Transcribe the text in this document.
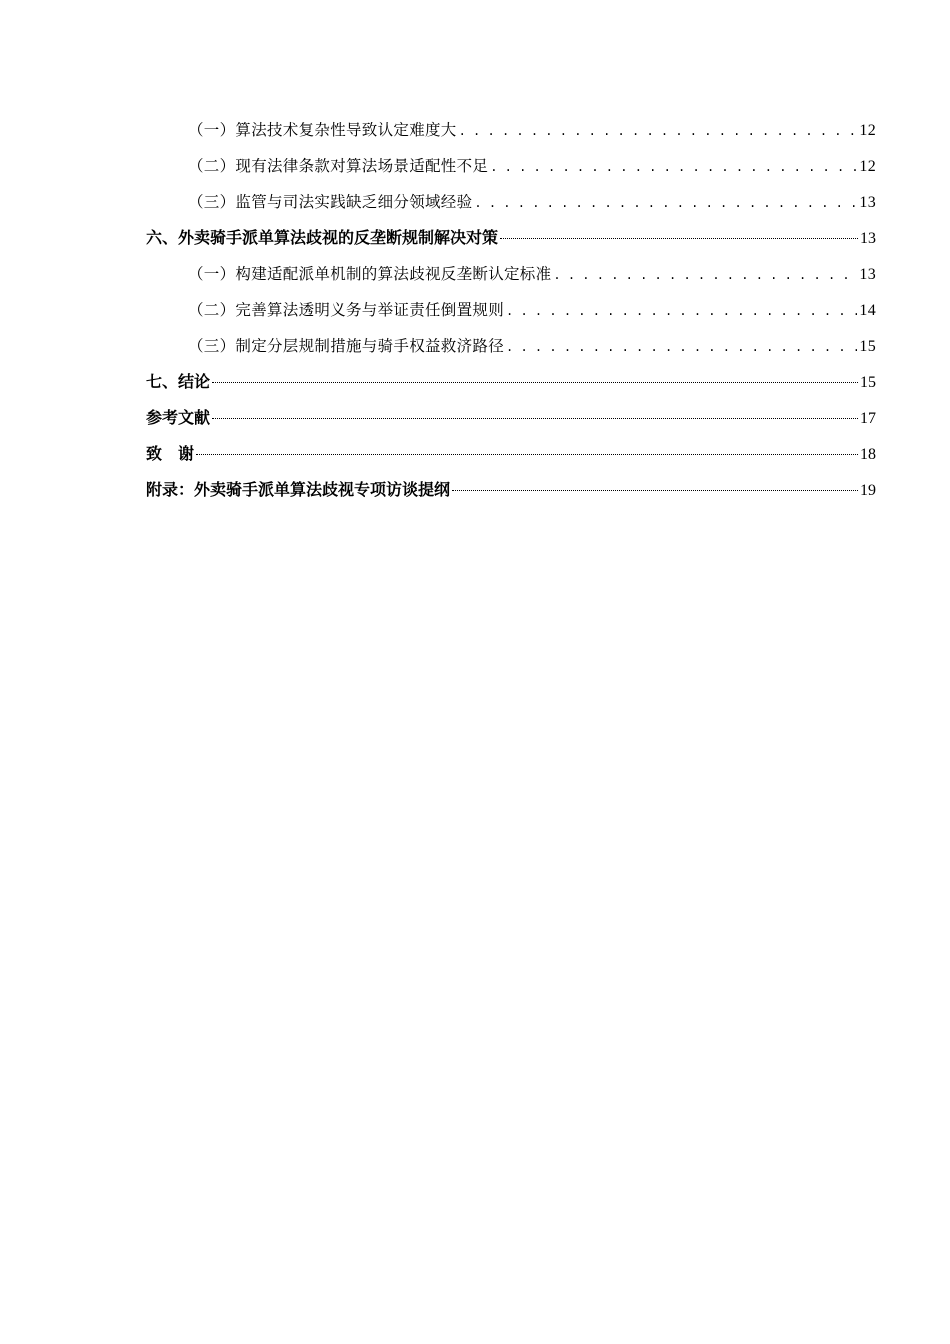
（一）算法技术复杂性导致认定难度大 . . .	12
（二）现有法律条款对算法场景适配性不足 . . .	12
（三）监管与司法实践缺乏细分领域经验 . . .	13
六、外卖骑手派单算法歧视的反垄断规制解决对策	13
（一）构建适配派单机制的算法歧视反垄断认定标准 . . .	13
（二）完善算法透明义务与举证责任倒置规则 . . .	14
（三）制定分层规制措施与骑手权益救济路径 . . .	15
七、结论	15
参考文献	17
致　谢	18
附录：外卖骑手派单算法歧视专项访谈提纲	19
